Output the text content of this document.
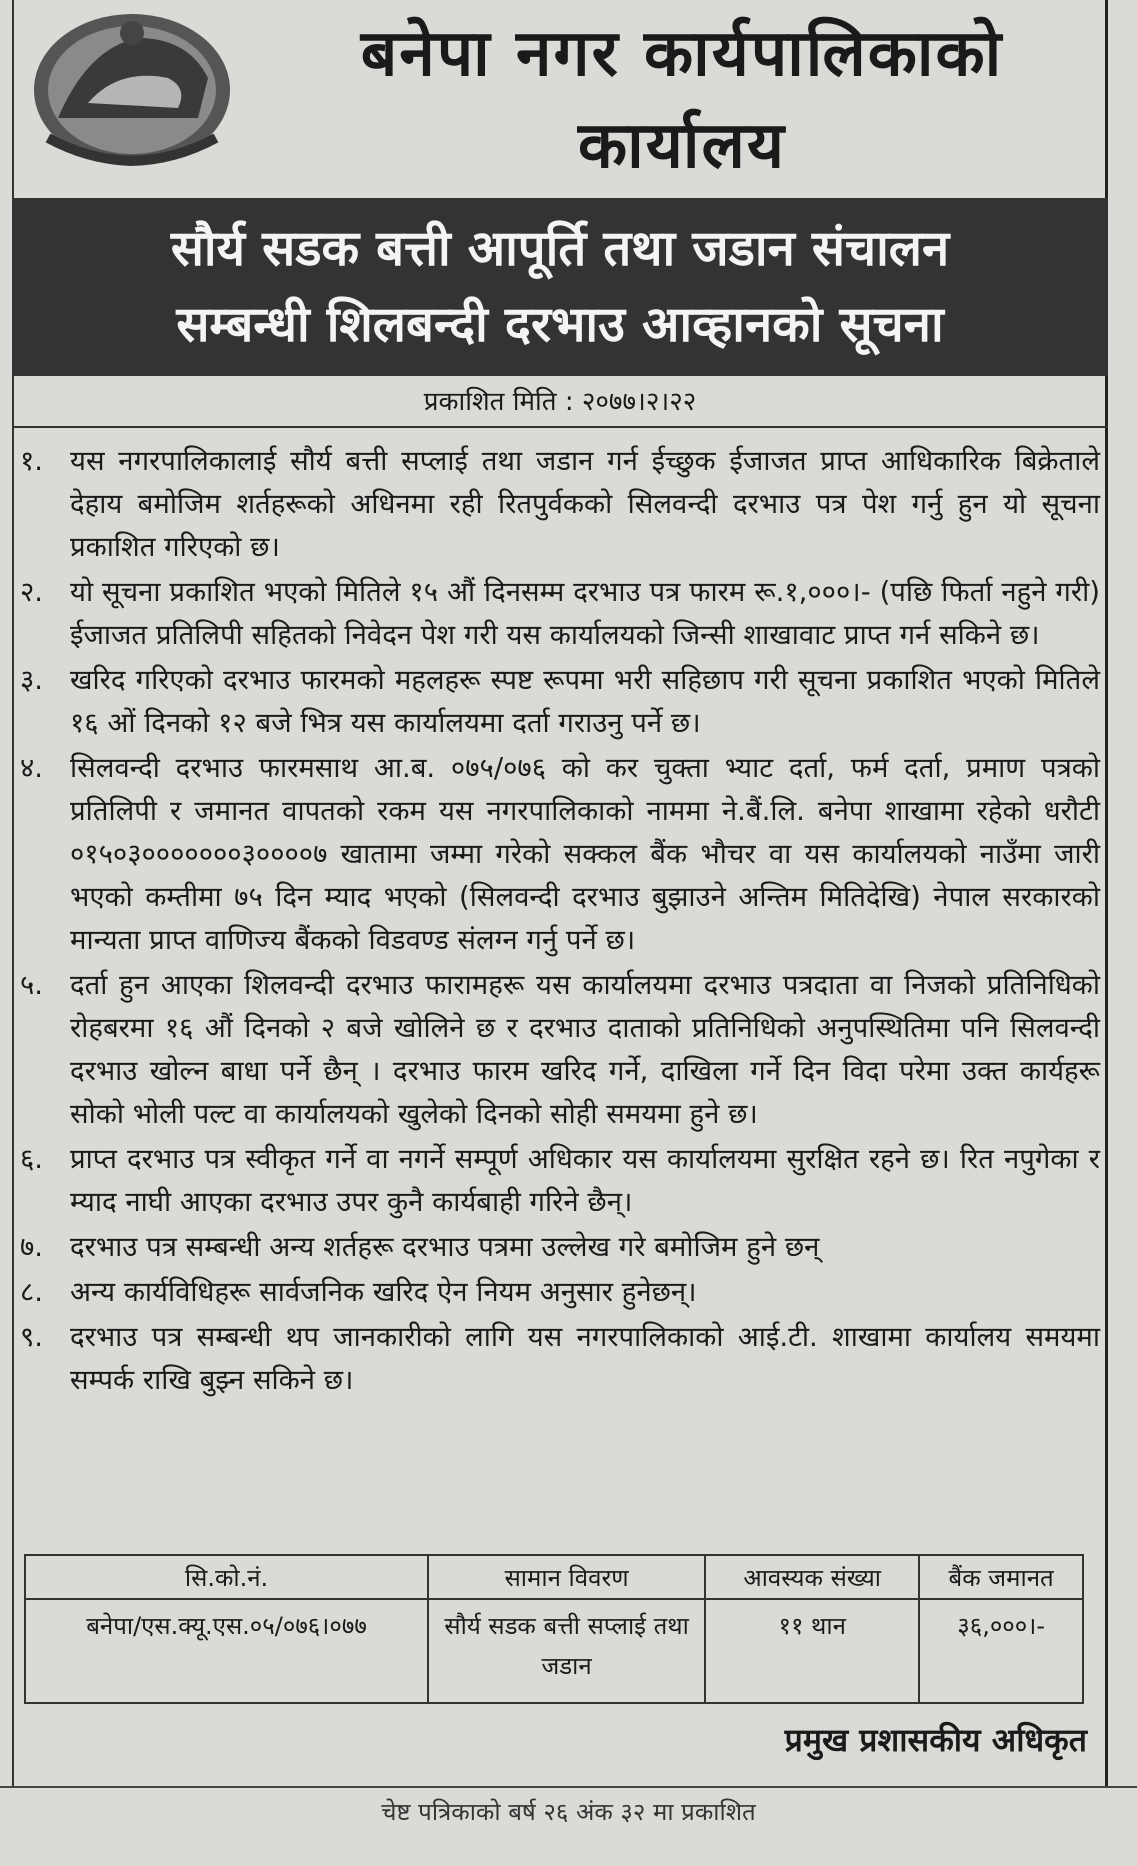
बनेपा नगर कार्यपालिकाको
कार्यालय
सौर्य सडक बत्ती आपूर्ति तथा जडान संचालन
सम्बन्धी शिलबन्दी दरभाउ आव्हानको सूचना
प्रकाशित मिति : २०७७।२।२२
१. यस नगरपालिकालाई सौर्य बत्ती सप्लाई तथा जडान गर्न ईच्छुक ईजाजत प्राप्त आधिकारिक बिक्रेताले देहाय बमोजिम शर्तहरूको अधिनमा रही रितपुर्वकको सिलवन्दी दरभाउ पत्र पेश गर्नु हुन यो सूचना प्रकाशित गरिएको छ।
२. यो सूचना प्रकाशित भएको मितिले १५ औं दिनसम्म दरभाउ पत्र फारम रू.१,०००।- (पछि फिर्ता नहुने गरी) ईजाजत प्रतिलिपी सहितको निवेदन पेश गरी यस कार्यालयको जिन्सी शाखावाट प्राप्त गर्न सकिने छ।
३. खरिद गरिएको दरभाउ फारमको महलहरू स्पष्ट रूपमा भरी सहिछाप गरी सूचना प्रकाशित भएको मितिले १६ ओं दिनको १२ बजे भित्र यस कार्यालयमा दर्ता गराउनु पर्ने छ।
४. सिलवन्दी दरभाउ फारमसाथ आ.ब. ०७५/०७६ को कर चुक्ता भ्याट दर्ता, फर्म दर्ता, प्रमाण पत्रको प्रतिलिपी र जमानत वापतको रकम यस नगरपालिकाको नाममा ने.बैं.लि. बनेपा शाखामा रहेको धरौटी ०१५०३०००००००३००००७ खातामा जम्मा गरेको सक्कल बैंक भौचर वा यस कार्यालयको नाउँमा जारी भएको कम्तीमा ७५ दिन म्याद भएको (सिलवन्दी दरभाउ बुझाउने अन्तिम मितिदेखि) नेपाल सरकारको मान्यता प्राप्त वाणिज्य बैंकको विडवण्ड संलग्न गर्नु पर्ने छ।
५. दर्ता हुन आएका शिलवन्दी दरभाउ फारामहरू यस कार्यालयमा दरभाउ पत्रदाता वा निजको प्रतिनिधिको रोहबरमा १६ औं दिनको २ बजे खोलिने छ र दरभाउ दाताको प्रतिनिधिको अनुपस्थितिमा पनि सिलवन्दी दरभाउ खोल्न बाधा पर्ने छैन् । दरभाउ फारम खरिद गर्ने, दाखिला गर्ने दिन विदा परेमा उक्त कार्यहरू सोको भोली पल्ट वा कार्यालयको खुलेको दिनको सोही समयमा हुने छ।
६. प्राप्त दरभाउ पत्र स्वीकृत गर्ने वा नगर्ने सम्पूर्ण अधिकार यस कार्यालयमा सुरक्षित रहने छ। रित नपुगेका र म्याद नाघी आएका दरभाउ उपर कुनै कार्यबाही गरिने छैन्।
७. दरभाउ पत्र सम्बन्धी अन्य शर्तहरू दरभाउ पत्रमा उल्लेख गरे बमोजिम हुने छन्
८. अन्य कार्यविधिहरू सार्वजनिक खरिद ऐन नियम अनुसार हुनेछन्।
९. दरभाउ पत्र सम्बन्धी थप जानकारीको लागि यस नगरपालिकाको आई.टी. शाखामा कार्यालय समयमा सम्पर्क राखि बुझ्न सकिने छ।
सि.को.नं.	सामान विवरण	आवस्यक संख्या	बैंक जमानत
बनेपा/एस.क्यू.एस.०५/०७६।०७७	सौर्य सडक बत्ती सप्लाई तथा जडान	११ थान	३६,०००।-
प्रमुख प्रशासकीय अधिकृत
चेष्ट पत्रिकाको बर्ष २६ अंक ३२ मा प्रकाशित
